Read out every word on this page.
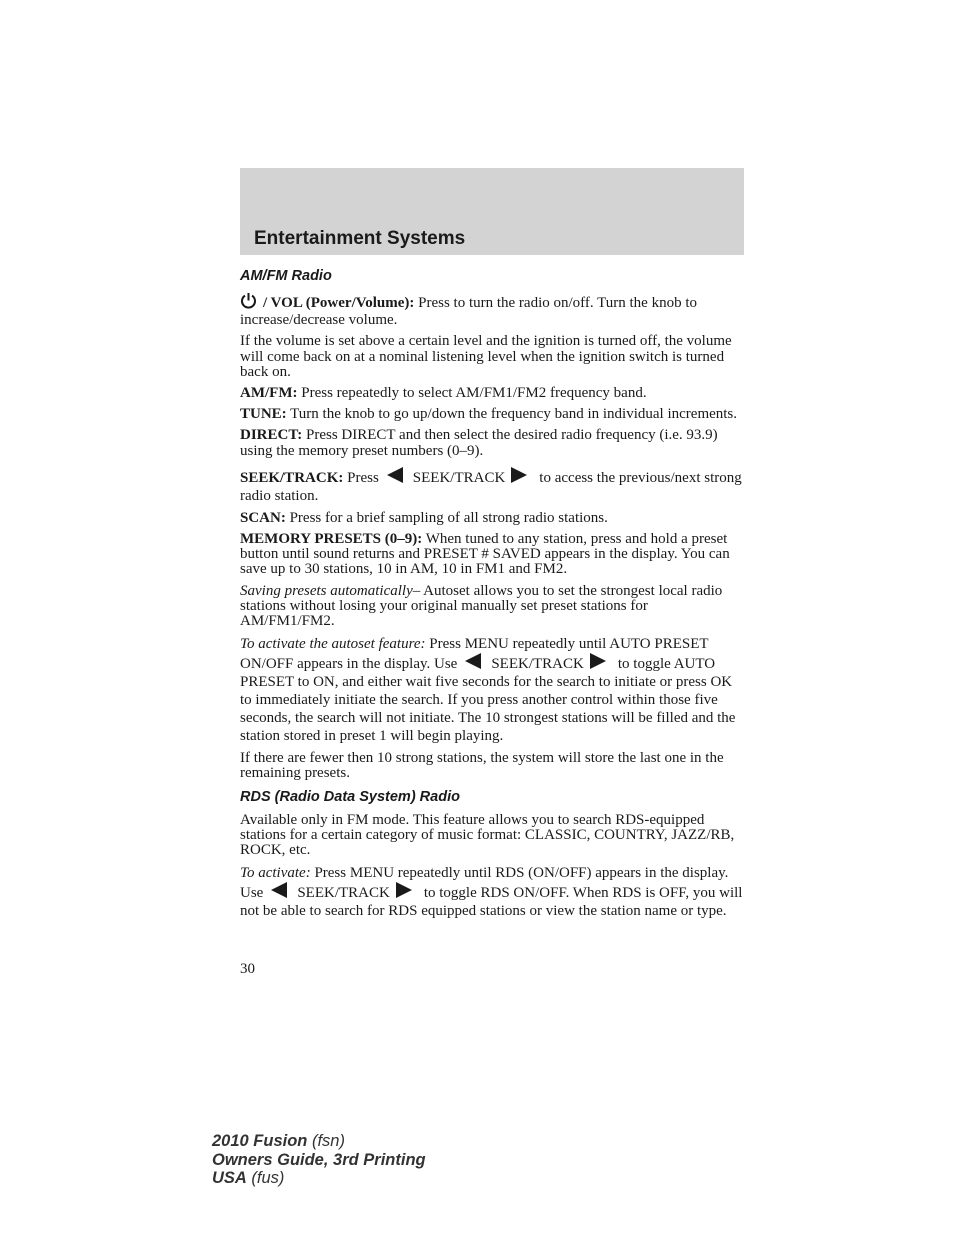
Entertainment Systems
AM/FM Radio

/ VOL (Power/Volume): Press to turn the radio on/off. Turn the knob to increase/decrease volume.

If the volume is set above a certain level and the ignition is turned off, the volume will come back on at a nominal listening level when the ignition switch is turned back on.

AM/FM: Press repeatedly to select AM/FM1/FM2 frequency band.

TUNE: Turn the knob to go up/down the frequency band in individual increments.

DIRECT: Press DIRECT and then select the desired radio frequency (i.e. 93.9) using the memory preset numbers (0–9).

SEEK/TRACK: Press SEEK/TRACK to access the previous/next strong radio station.

SCAN: Press for a brief sampling of all strong radio stations.

MEMORY PRESETS (0–9): When tuned to any station, press and hold a preset button until sound returns and PRESET # SAVED appears in the display. You can save up to 30 stations, 10 in AM, 10 in FM1 and FM2.

Saving presets automatically– Autoset allows you to set the strongest local radio stations without losing your original manually set preset stations for AM/FM1/FM2.

To activate the autoset feature: Press MENU repeatedly until AUTO PRESET ON/OFF appears in the display. Use SEEK/TRACK to toggle AUTO PRESET to ON, and either wait five seconds for the search to initiate or press OK to immediately initiate the search. If you press another control within those five seconds, the search will not initiate. The 10 strongest stations will be filled and the station stored in preset 1 will begin playing.

If there are fewer then 10 strong stations, the system will store the last one in the remaining presets.

RDS (Radio Data System) Radio

Available only in FM mode. This feature allows you to search RDS-equipped stations for a certain category of music format: CLASSIC, COUNTRY, JAZZ/RB, ROCK, etc.

To activate: Press MENU repeatedly until RDS (ON/OFF) appears in the display. Use SEEK/TRACK to toggle RDS ON/OFF. When RDS is OFF, you will not be able to search for RDS equipped stations or view the station name or type.

30
2010 Fusion (fsn)
Owners Guide, 3rd Printing
USA (fus)
